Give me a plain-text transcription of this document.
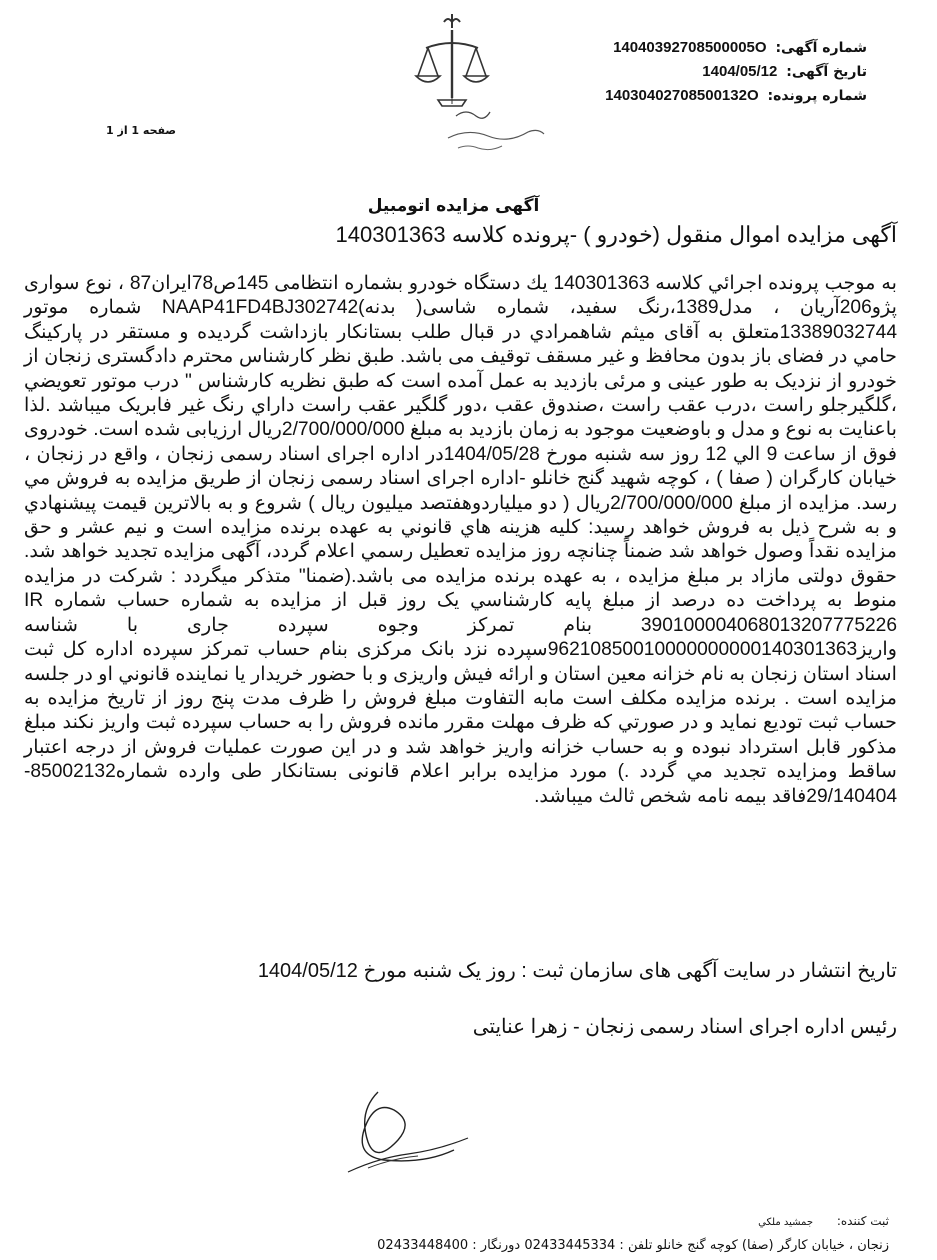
شماره آگهی: 14040392708500005O
تاریخ آگهی: 1404/05/12
شماره پرونده: 14030402708500132O
صفحه 1 از 1
آگهی مزایده اتومبیل
آگهی مزایده اموال منقول (خودرو ) -پرونده کلاسه 140301363
به موجب پرونده اجرائي کلاسه 140301363 يك دستگاه خودرو بشماره انتظامی 145ص78ایران87 ، نوع سواری پژو206آریان ، مدل1389،رنگ سفید، شماره شاسی( بدنه)NAAP41FD4BJ302742 شماره موتور 13389032744متعلق به آقای میثم شاهمرادي در قبال طلب بستانكار بازداشت گرديده و مستقر در پاركينگ حامي در فضای باز بدون محافظ و غیر مسقف توقیف می باشد. طبق نظر كارشناس محترم دادگستری زنجان از خودرو از نزديک به طور عینی و مرئی بازدید به عمل آمده است که طبق نظریه کارشناس " درب موتور تعویضي ،گلگیرجلو راست ،درب عقب راست ،صندوق عقب ،دور گلگیر عقب راست داراي رنگ غیر فابريک میباشد .لذا باعنایت به نوع و مدل و باوضعیت موجود به زمان بازدید به مبلغ 2/700/000/000ریال ارزیابی شده است. خودروی فوق از ساعت 9 الي 12 روز سه شنبه مورخ 1404/05/28در اداره اجرای اسناد رسمی زنجان ، واقع در زنجان ، خیابان كارگران ( صفا ) ، کوچه شهيد گنج خانلو -اداره اجرای اسناد رسمی زنجان از طريق مزايده به فروش مي رسد. مزايده از مبلغ 2/700/000/000ريال ( دو میلیاردوهفتصد میلیون ریال ) شروع و به بالاترين قيمت پيشنهادي و به شرح ذيل به فروش خواهد رسيد: كليه هزينه هاي قانوني به عهده برنده مزايده است و نیم عشر و حق مزايده نقداً وصول خواهد شد ضمناً چنانچه روز مزايده تعطيل رسمي اعلام گردد، آگهی مزايده تجديد خواهد شد. حقوق دولتی مازاد بر مبلغ مزایده ، به عهده برنده مزایده می باشد.(ضمنا" متذکر میگردد : شرکت در مزایده منوط به پرداخت ده درصد از مبلغ پایه کارشناسي یک روز قبل از مزایده به شماره حساب شماره IR 390100004068013207775226 بنام تمرکز وجوه سپرده جاری با شناسه واریز96210850010000000000140301363سپرده نزد بانک مرکزی بنام حساب تمرکز سپرده اداره کل ثبت اسناد استان زنجان به نام خزانه معین استان و ارائه فیش واریزی و با حضور خریدار یا نماینده قانوني او در جلسه مزایده است . برنده مزایده مکلف است مابه التفاوت مبلغ فروش را ظرف مدت پنج روز از تاریخ مزایده به حساب ثبت تودیع نماید و در صورتي که ظرف مهلت مقرر مانده فروش را به حساب سپرده ثبت واریز نکند مبلغ مذکور قابل استرداد نبوده و به حساب خزانه واریز خواهد شد و در این صورت عملیات فروش از درجه اعتبار ساقط ومزایده تجدید مي گردد .) مورد مزایده برابر اعلام قانونی بستانکار طی وارده شماره85002132-29/140404فاقد بیمه نامه شخص ثالث میباشد.
تاریخ انتشار در سایت آگهی های سازمان ثبت : روز یک شنبه مورخ 1404/05/12
رئیس اداره اجرای اسناد رسمی زنجان - زهرا عنایتی
ثبت کننده: جمشید ملکي
زنجان ، خیابان کارگر (صفا) کوچه گنج خانلو تلفن : 02433445334 دورنگار : 02433448400
